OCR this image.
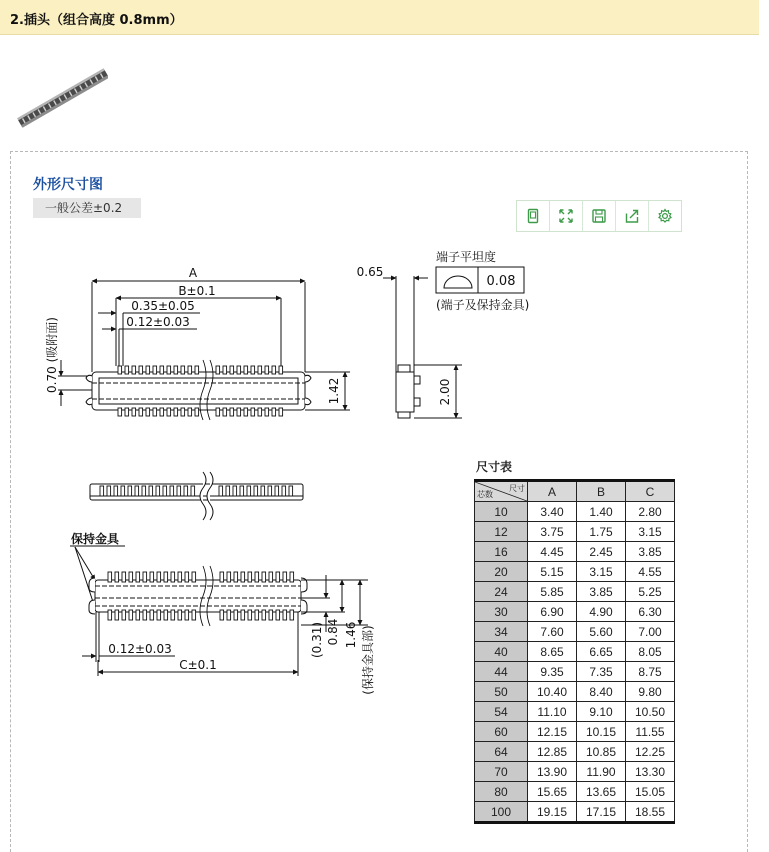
2.插头（组合高度 0.8mm）
外形尺寸图
一般公差±0.2
A
B±0.1
0.35±0.05
0.12±0.03
0.70 (吸附面)	1.42
0.65
2.00
端子平坦度
0.08
(端子及保持金具)
保持金具
0.12±0.03
C±0.1
(0.31) 0.84 1.46 (保持金具部)
尺寸表
尺寸
芯数	A	B	C
10	3.40	1.40	2.80
12	3.75	1.75	3.15
16	4.45	2.45	3.85
20	5.15	3.15	4.55
24	5.85	3.85	5.25
30	6.90	4.90	6.30
34	7.60	5.60	7.00
40	8.65	6.65	8.05
44	9.35	7.35	8.75
50	10.40	8.40	9.80
54	11.10	9.10	10.50
60	12.15	10.15	11.55
64	12.85	10.85	12.25
70	13.90	11.90	13.30
80	15.65	13.65	15.05
100	19.15	17.15	18.55
